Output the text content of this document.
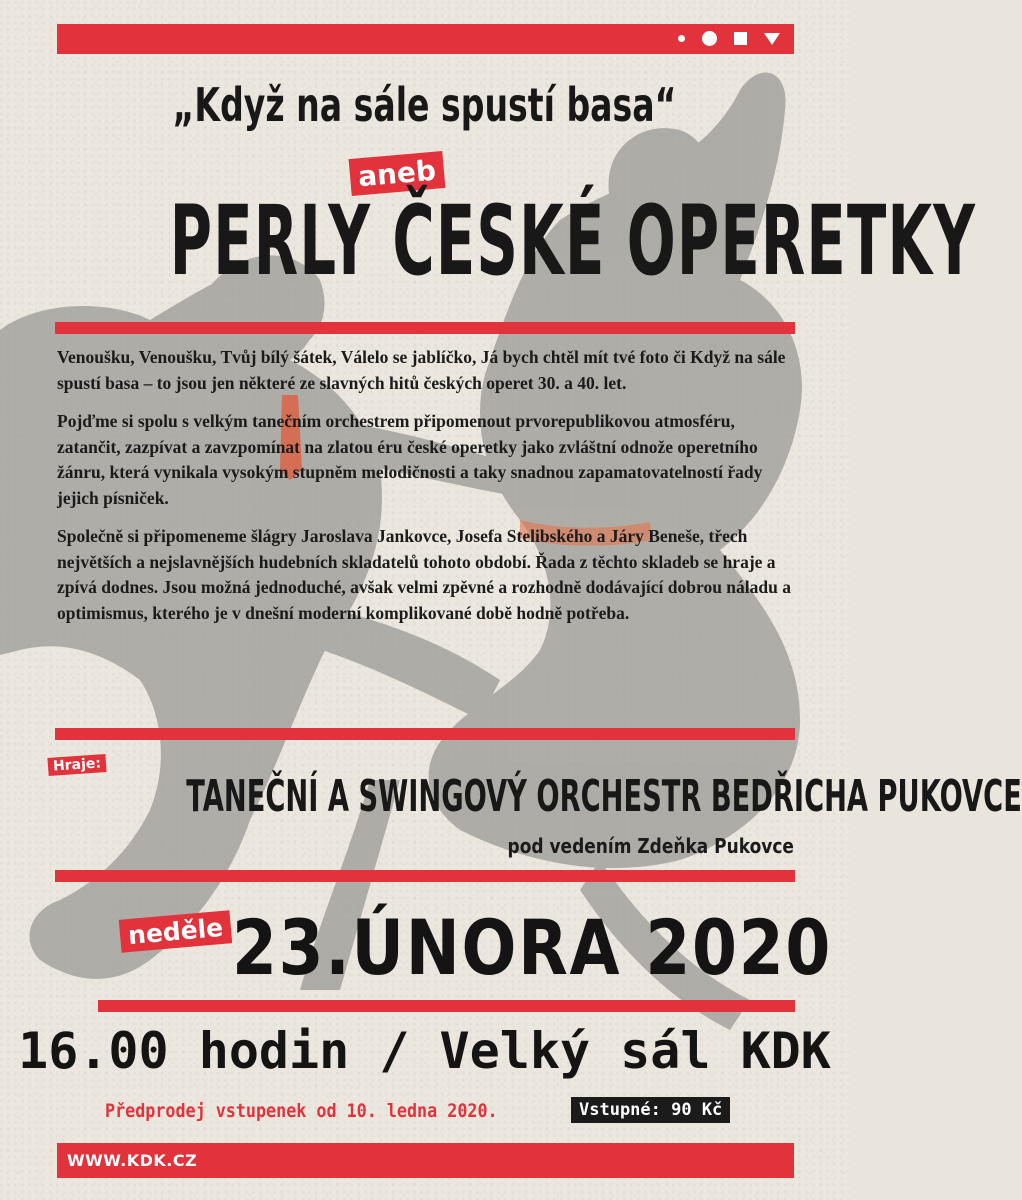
„Když na sále spustí basa“
aneb
PERLY ČESKÉ OPERETKY

Venoušku, Venoušku, Tvůj bílý šátek, Válelo se jablíčko, Já bych chtěl mít tvé foto či Když na sále spustí basa – to jsou jen některé ze slavných hitů českých operet 30. a 40. let.

Pojďme si spolu s velkým tanečním orchestrem připomenout prvorepublikovou atmosféru, zatančit, zazpívat a zavzpomínat na zlatou éru české operetky jako zvláštní odnože operetního žánru, která vynikala vysokým stupněm melodičnosti a taky snadnou zapamatovatelností řady jejich písniček.

Společně si připomeneme šlágry Jaroslava Jankovce, Josefa Stelibského a Járy Beneše, třech největších a nejslavnějších hudebních skladatelů tohoto období. Řada z těchto skladeb se hraje a zpívá dodnes. Jsou možná jednoduché, avšak velmi zpěvné a rozhodně dodávající dobrou náladu a optimismus, kterého je v dnešní moderní komplikované době hodně potřeba.

Hraje:
TANEČNÍ A SWINGOVÝ ORCHESTR BEDŘICHA PUKOVCE
pod vedením Zdeňka Pukovce
neděle 23.ÚNORA 2020
16.00 hodin / Velký sál KDK
Předprodej vstupenek od 10. ledna 2020.	Vstupné: 90 Kč
WWW.KDK.CZ
